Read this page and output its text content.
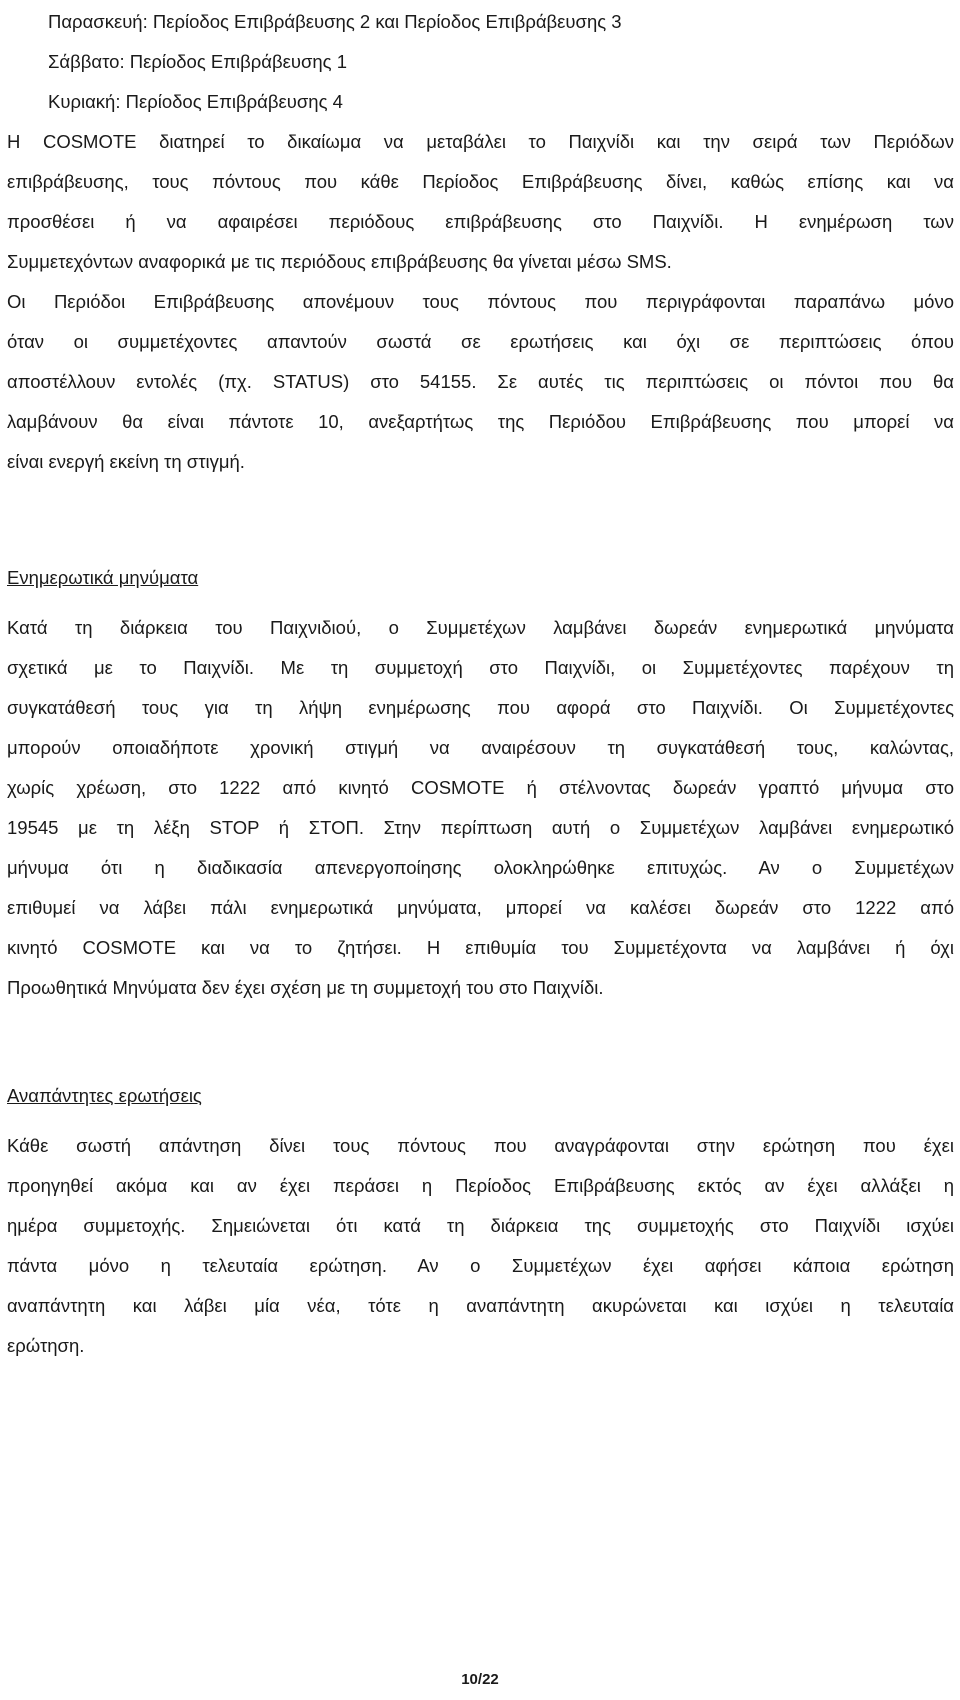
Παρασκευή: Περίοδος Επιβράβευσης 2 και Περίοδος Επιβράβευσης 3

Σάββατο: Περίοδος Επιβράβευσης 1

Κυριακή: Περίοδος Επιβράβευσης 4

Η COSMOTE διατηρεί το δικαίωμα να μεταβάλει το Παιχνίδι και την σειρά των Περιόδων

επιβράβευσης, τους πόντους που κάθε Περίοδος Επιβράβευσης δίνει, καθώς επίσης και να

προσθέσει ή να αφαιρέσει περιόδους επιβράβευσης στο Παιχνίδι. Η ενημέρωση των

Συμμετεχόντων αναφορικά με τις περιόδους επιβράβευσης θα γίνεται μέσω SMS.

Οι Περιόδοι Επιβράβευσης απονέμουν τους πόντους που περιγράφονται παραπάνω μόνο

όταν οι συμμετέχοντες απαντούν σωστά σε ερωτήσεις και όχι σε περιπτώσεις όπου

αποστέλλουν εντολές (πχ. STATUS) στο 54155. Σε αυτές τις περιπτώσεις οι πόντοι που θα

λαμβάνουν θα είναι πάντοτε 10, ανεξαρτήτως της Περιόδου Επιβράβευσης που μπορεί να

είναι ενεργή εκείνη τη στιγμή.

Ενημερωτικά μηνύματα

Κατά τη διάρκεια του Παιχνιδιού, ο Συμμετέχων λαμβάνει δωρεάν ενημερωτικά μηνύματα

σχετικά με το Παιχνίδι. Με τη συμμετοχή στο Παιχνίδι, οι Συμμετέχοντες παρέχουν τη

συγκατάθεσή τους για τη λήψη ενημέρωσης που αφορά στο Παιχνίδι. Οι Συμμετέχοντες

μπορούν οποιαδήποτε χρονική στιγμή να αναιρέσουν τη συγκατάθεσή τους, καλώντας,

χωρίς χρέωση, στο 1222 από κινητό COSMOTE ή στέλνοντας δωρεάν γραπτό μήνυμα στο

19545 με τη λέξη STOP ή ΣΤΟΠ. Στην περίπτωση αυτή ο Συμμετέχων λαμβάνει ενημερωτικό

μήνυμα ότι η διαδικασία απενεργοποίησης ολοκληρώθηκε επιτυχώς. Αν ο Συμμετέχων

επιθυμεί να λάβει πάλι ενημερωτικά μηνύματα, μπορεί να καλέσει δωρεάν στο 1222 από

κινητό COSMOTE και να το ζητήσει. Η επιθυμία του Συμμετέχοντα να λαμβάνει ή όχι

Προωθητικά Μηνύματα δεν έχει σχέση με τη συμμετοχή του στο Παιχνίδι.

Αναπάντητες ερωτήσεις

Κάθε σωστή απάντηση δίνει τους πόντους που αναγράφονται στην ερώτηση που έχει

προηγηθεί ακόμα και αν έχει περάσει η Περίοδος Επιβράβευσης εκτός αν έχει αλλάξει η

ημέρα συμμετοχής. Σημειώνεται ότι κατά τη διάρκεια της συμμετοχής στο Παιχνίδι ισχύει

πάντα μόνο η τελευταία ερώτηση. Αν ο Συμμετέχων έχει αφήσει κάποια ερώτηση

αναπάντητη και λάβει μία νέα, τότε η αναπάντητη ακυρώνεται και ισχύει η τελευταία

ερώτηση.

10/22
